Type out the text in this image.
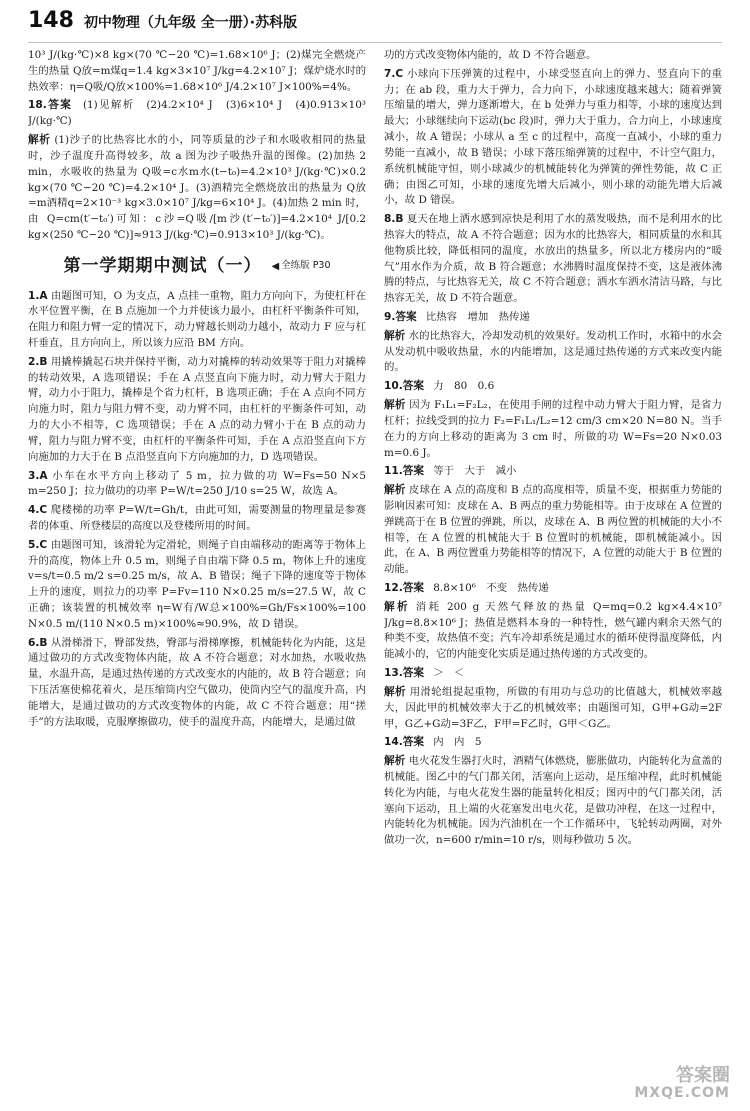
148 初中物理（九年级 全一册）·苏科版

10³ J/(kg·℃)×8 kg×(70 ℃−20 ℃)=1.68×10⁶ J；(2)煤完全燃烧产生的热量 Q放=m煤q=1.4 kg×3×10⁷ J/kg=4.2×10⁷ J；煤炉烧水时的热效率：η=Q吸/Q放×100%=1.68×10⁶ J/4.2×10⁷ J×100%=4%。

18.答案 (1)见解析　(2)4.2×10⁴ J　(3)6×10⁴ J　(4)0.913×10³ J/(kg·℃)

解析 (1)沙子的比热容比水的小，同等质量的沙子和水吸收相同的热量时，沙子温度升高得较多，故 a 图为沙子吸热升温的图像。(2)加热 2 min，水吸收的热量为 Q吸=c水m水(t−t₀)=4.2×10³ J/(kg·℃)×0.2 kg×(70 ℃−20 ℃)=4.2×10⁴ J。(3)酒精完全燃烧放出的热量为 Q放=m酒精q=2×10⁻³ kg×3.0×10⁷ J/kg=6×10⁴ J。(4)加热 2 min 时，由 Q=cm(t′−t₀′)可知：c沙=Q吸/[m沙(t′−t₀′)]=4.2×10⁴ J/[0.2 kg×(250 ℃−20 ℃)]≈913 J/(kg·℃)=0.913×10³ J/(kg·℃)。

第一学期期中测试（一） ◀ 全练版 P30

1.A 由题图可知，O 为支点，A 点挂一重物，阻力方向向下，为使杠杆在水平位置平衡，在 B 点施加一个力并使该力最小，由杠杆平衡条件可知，在阻力和阻力臂一定的情况下，动力臂越长则动力越小，故动力 F 应与杠杆垂直，且方向向上，所以该力应沿 BM 方向。

2.B 用撬棒撬起石块并保持平衡，动力对撬棒的转动效果等于阻力对撬棒的转动效果，A 选项错误；手在 A 点竖直向下施力时，动力臂大于阻力臂，动力小于阻力，撬棒是个省力杠杆，B 选项正确；手在 A 点向不同方向施力时，阻力与阻力臂不变，动力臂不同，由杠杆的平衡条件可知，动力的大小不相等，C 选项错误；手在 A 点的动力臂小于在 B 点的动力臂，阻力与阻力臂不变，由杠杆的平衡条件可知，手在 A 点沿竖直向下方向施加的力大于在 B 点沿竖直向下方向施加的力，D 选项错误。

3.A 小车在水平方向上移动了 5 m，拉力做的功 W=Fs=50 N×5 m=250 J；拉力做功的功率 P=W/t=250 J/10 s=25 W，故选 A。

4.C 爬楼梯的功率 P=W/t=Gh/t，由此可知，需要测量的物理量是参赛者的体重、所登楼层的高度以及登楼所用的时间。

5.C 由题图可知，该滑轮为定滑轮，则绳子自由端移动的距离等于物体上升的高度，物体上升 0.5 m，则绳子自由端下降 0.5 m，物体上升的速度 v=s/t=0.5 m/2 s=0.25 m/s，故 A、B 错误；绳子下降的速度等于物体上升的速度，则拉力的功率 P=Fv=110 N×0.25 m/s=27.5 W，故 C 正确；该装置的机械效率 η=W有/W总×100%=Gh/Fs×100%=100 N×0.5 m/(110 N×0.5 m)×100%≈90.9%，故 D 错误。

6.B 从滑梯滑下，臀部发热，臀部与滑梯摩擦，机械能转化为内能，这是通过做功的方式改变物体内能，故 A 不符合题意；对水加热，水吸收热量，水温升高，是通过热传递的方式改变水的内能的，故 B 符合题意；向下压活塞使棉花着火，是压缩筒内空气做功，使筒内空气的温度升高，内能增大，是通过做功的方式改变物体的内能，故 C 不符合题意；用“搓手”的方法取暖，克服摩擦做功，使手的温度升高，内能增大，是通过做

功的方式改变物体内能的，故 D 不符合题意。

7.C 小球向下压弹簧的过程中，小球受竖直向上的弹力、竖直向下的重力；在 ab 段，重力大于弹力，合力向下，小球速度越来越大；随着弹簧压缩量的增大，弹力逐渐增大，在 b 处弹力与重力相等，小球的速度达到最大；小球继续向下运动(bc 段)时，弹力大于重力，合力向上，小球速度减小，故 A 错误；小球从 a 至 c 的过程中，高度一直减小，小球的重力势能一直减小，故 B 错误；小球下落压缩弹簧的过程中，不计空气阻力，系统机械能守恒，则小球减少的机械能转化为弹簧的弹性势能，故 C 正确；由图乙可知，小球的速度先增大后减小，则小球的动能先增大后减小，故 D 错误。

8.B 夏天在地上洒水感到凉快是利用了水的蒸发吸热，而不是利用水的比热容大的特点，故 A 不符合题意；因为水的比热容大，相同质量的水和其他物质比较，降低相同的温度，水放出的热量多，所以北方楼房内的“暖气”用水作为介质，故 B 符合题意；水沸腾时温度保持不变，这是液体沸腾的特点，与比热容无关，故 C 不符合题意；洒水车洒水清洁马路，与比热容无关，故 D 不符合题意。

9.答案 比热容　增加　热传递

解析 水的比热容大，冷却发动机的效果好。发动机工作时，水箱中的水会从发动机中吸收热量，水的内能增加，这是通过热传递的方式来改变内能的。

10.答案 力　80　0.6

解析 因为 F₁L₁=F₂L₂，在使用手闸的过程中动力臂大于阻力臂，是省力杠杆；拉线受到的拉力 F₂=F₁L₁/L₂=12 cm/3 cm×20 N=80 N。当手在力的方向上移动的距离为 3 cm 时，所做的功 W=Fs=20 N×0.03 m=0.6 J。

11.答案 等于　大于　减小

解析 皮球在 A 点的高度和 B 点的高度相等，质量不变，根据重力势能的影响因素可知：皮球在 A、B 两点的重力势能相等。由于皮球在 A 位置的弹跳高于在 B 位置的弹跳，所以，皮球在 A、B 两位置的机械能的大小不相等，在 A 位置的机械能大于 B 位置时的机械能，即机械能减小。因此，在 A、B 两位置重力势能相等的情况下，A 位置的动能大于 B 位置的动能。

12.答案 8.8×10⁶　不变　热传递

解析 消耗 200 g 天然气释放的热量 Q=mq=0.2 kg×4.4×10⁷ J/kg=8.8×10⁶ J；热值是燃料本身的一种特性，燃气罐内剩余天然气的种类不变，故热值不变；汽车冷却系统是通过水的循环使得温度降低，内能减小的，它的内能变化实质是通过热传递的方式改变的。

13.答案 ＞　＜

解析 用滑轮组提起重物，所做的有用功与总功的比值越大，机械效率越大，因此甲的机械效率大于乙的机械效率；由题图可知，G甲+G动=2F甲，G乙+G动=3F乙，F甲=F乙时，G甲＜G乙。

14.答案 内　内　5

解析 电火花发生器打火时，酒精气体燃烧，膨胀做功，内能转化为盒盖的机械能。图乙中的气门都关闭，活塞向上运动，是压缩冲程，此时机械能转化为内能，与电火花发生器的能量转化相反；图丙中的气门都关闭，活塞向下运动，且上端的火花塞发出电火花，是做功冲程，在这一过程中，内能转化为机械能。因为汽油机在一个工作循环中，飞轮转动两圈，对外做功一次，n=600 r/min=10 r/s，则每秒做功 5 次。

答案圈
MXQE.COM
